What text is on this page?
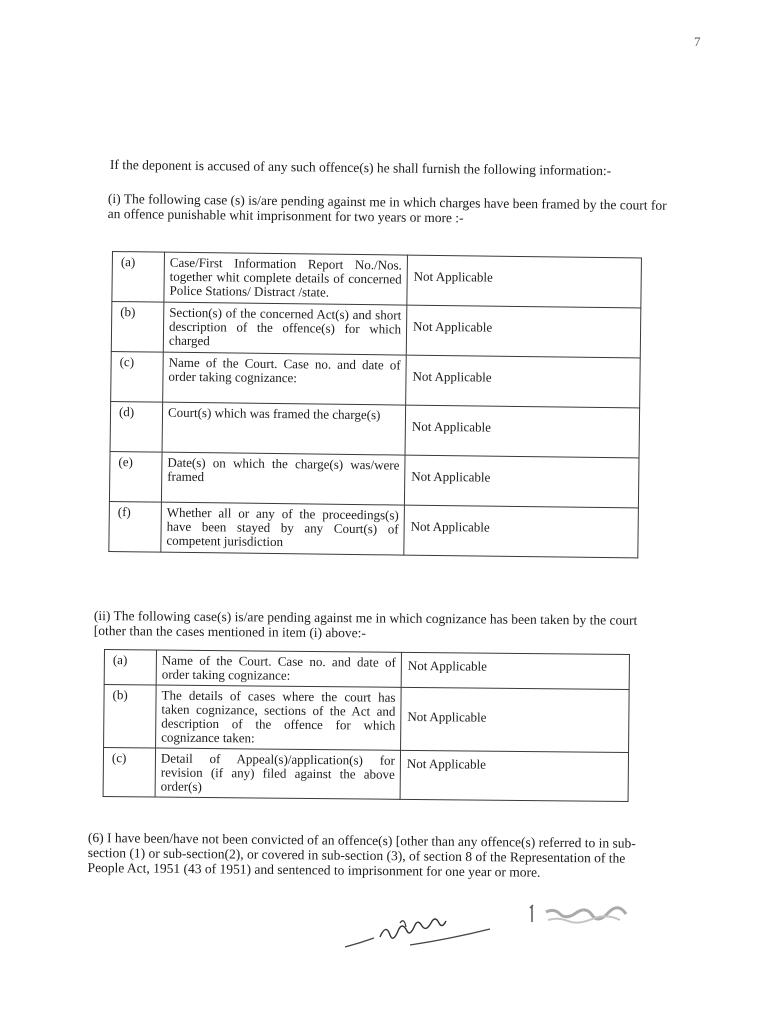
7

If the deponent is accused of any such offence(s) he shall furnish the following information:-

(i) The following case (s) is/are pending against me in which charges have been framed by the court for an offence punishable whit imprisonment for two years or more :-

(a)	Case/First Information Report No./Nos. together whit complete details of concerned Police Stations/ Distract /state.	Not Applicable
(b)	Section(s) of the concerned Act(s) and short description of the offence(s) for which charged	Not Applicable
(c)	Name of the Court. Case no. and date of order taking cognizance:	Not Applicable
(d)	Court(s) which was framed the charge(s)	Not Applicable
(e)	Date(s) on which the charge(s) was/were framed	Not Applicable
(f)	Whether all or any of the proceedings(s) have been stayed by any Court(s) of competent jurisdiction	Not Applicable

(ii) The following case(s) is/are pending against me in which cognizance has been taken by the court [other than the cases mentioned in item (i) above:-

(a)	Name of the Court. Case no. and date of order taking cognizance:	Not Applicable
(b)	The details of cases where the court has taken cognizance, sections of the Act and description of the offence for which cognizance taken:	Not Applicable
(c)	Detail of Appeal(s)/application(s) for revision (if any) filed against the above order(s)	Not Applicable

(6) I have been/have not been convicted of an offence(s) [other than any offence(s) referred to in sub-section (1) or sub-section(2), or covered in sub-section (3), of section 8 of the Representation of the People Act, 1951 (43 of 1951) and sentenced to imprisonment for one year or more.
